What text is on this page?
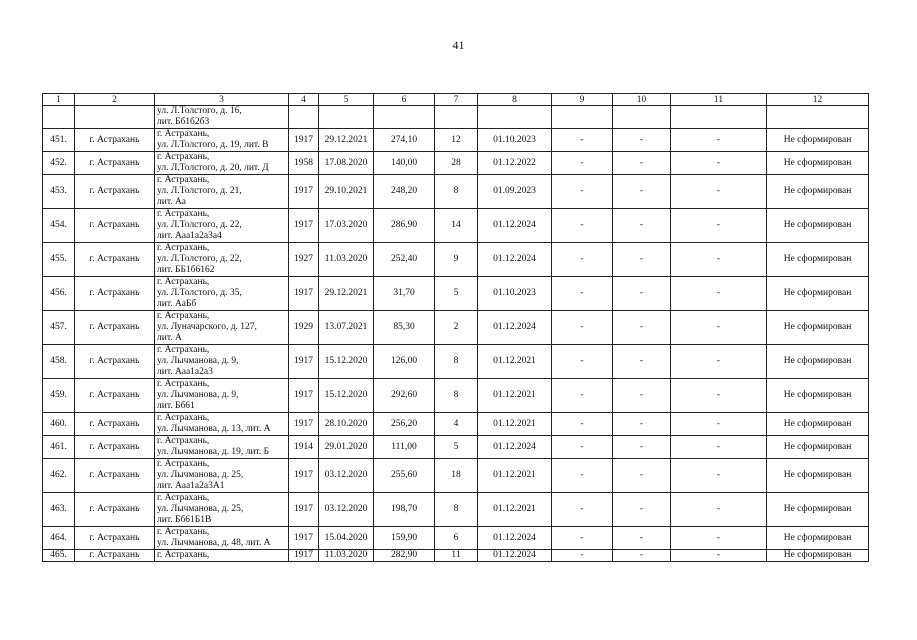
41
1	2	3	4	5	6	7	8	9	10	11	12
		ул. Л.Толстого, д. 16,
лит. Бб1б2б3									
451.	г. Астрахань	г. Астрахань,
ул. Л.Толстого, д. 19, лит. В	1917	29.12.2021	274,10	12	01.10.2023	-	-	-	Не сформирован
452.	г. Астрахань	г. Астрахань,
ул. Л.Толстого, д. 20, лит. Д	1958	17.08.2020	140,00	28	01.12.2022	-	-	-	Не сформирован
453.	г. Астрахань	г. Астрахань,
ул. Л.Толстого, д. 21,
лит. Аа	1917	29.10.2021	248,20	8	01.09.2023	-	-	-	Не сформирован
454.	г. Астрахань	г. Астрахань,
ул. Л.Толстого, д. 22,
лит. Ааа1а2а3а4	1917	17.03.2020	286,90	14	01.12.2024	-	-	-	Не сформирован
455.	г. Астрахань	г. Астрахань,
ул. Л.Толстого, д. 22,
лит. ББ1б6162	1927	11.03.2020	252,40	9	01.12.2024	-	-	-	Не сформирован
456.	г. Астрахань	г. Астрахань,
ул. Л.Толстого, д. 35,
лит. АаБб	1917	29.12.2021	31,70	5	01.10.2023	-	-	-	Не сформирован
457.	г. Астрахань	г. Астрахань,
ул. Луначарского, д. 127,
лит. А	1929	13.07.2021	85,30	2	01.12.2024	-	-	-	Не сформирован
458.	г. Астрахань	г. Астрахань,
ул. Лычманова, д. 9,
лит. Ааа1а2а3	1917	15.12.2020	126,00	8	01.12.2021	-	-	-	Не сформирован
459.	г. Астрахань	г. Астрахань,
ул. Лычманова, д. 9,
лит. Бб61	1917	15.12.2020	292,60	8	01.12.2021	-	-	-	Не сформирован
460.	г. Астрахань	г. Астрахань,
ул. Лычманова, д. 13, лит. А	1917	28.10.2020	256,20	4	01.12.2021	-	-	-	Не сформирован
461.	г. Астрахань	г. Астрахань,
ул. Лычманова, д. 19, лит. Б	1914	29.01.2020	111,00	5	01.12.2024	-	-	-	Не сформирован
462.	г. Астрахань	г. Астрахань,
ул. Лычманова, д. 25,
лит. Ааа1а2а3А1	1917	03.12.2020	255,60	18	01.12.2021	-	-	-	Не сформирован
463.	г. Астрахань	г. Астрахань,
ул. Лычманова, д. 25,
лит. Бб61Б1В	1917	03.12.2020	198,70	8	01.12.2021	-	-	-	Не сформирован
464.	г. Астрахань	г. Астрахань,
ул. Лычманова, д. 48, лит. А	1917	15.04.2020	159,90	6	01.12.2024	-	-	-	Не сформирован
465.	г. Астрахань	г. Астрахань,	1917	11.03.2020	282,90	11	01.12.2024	-	-	-	Не сформирован
